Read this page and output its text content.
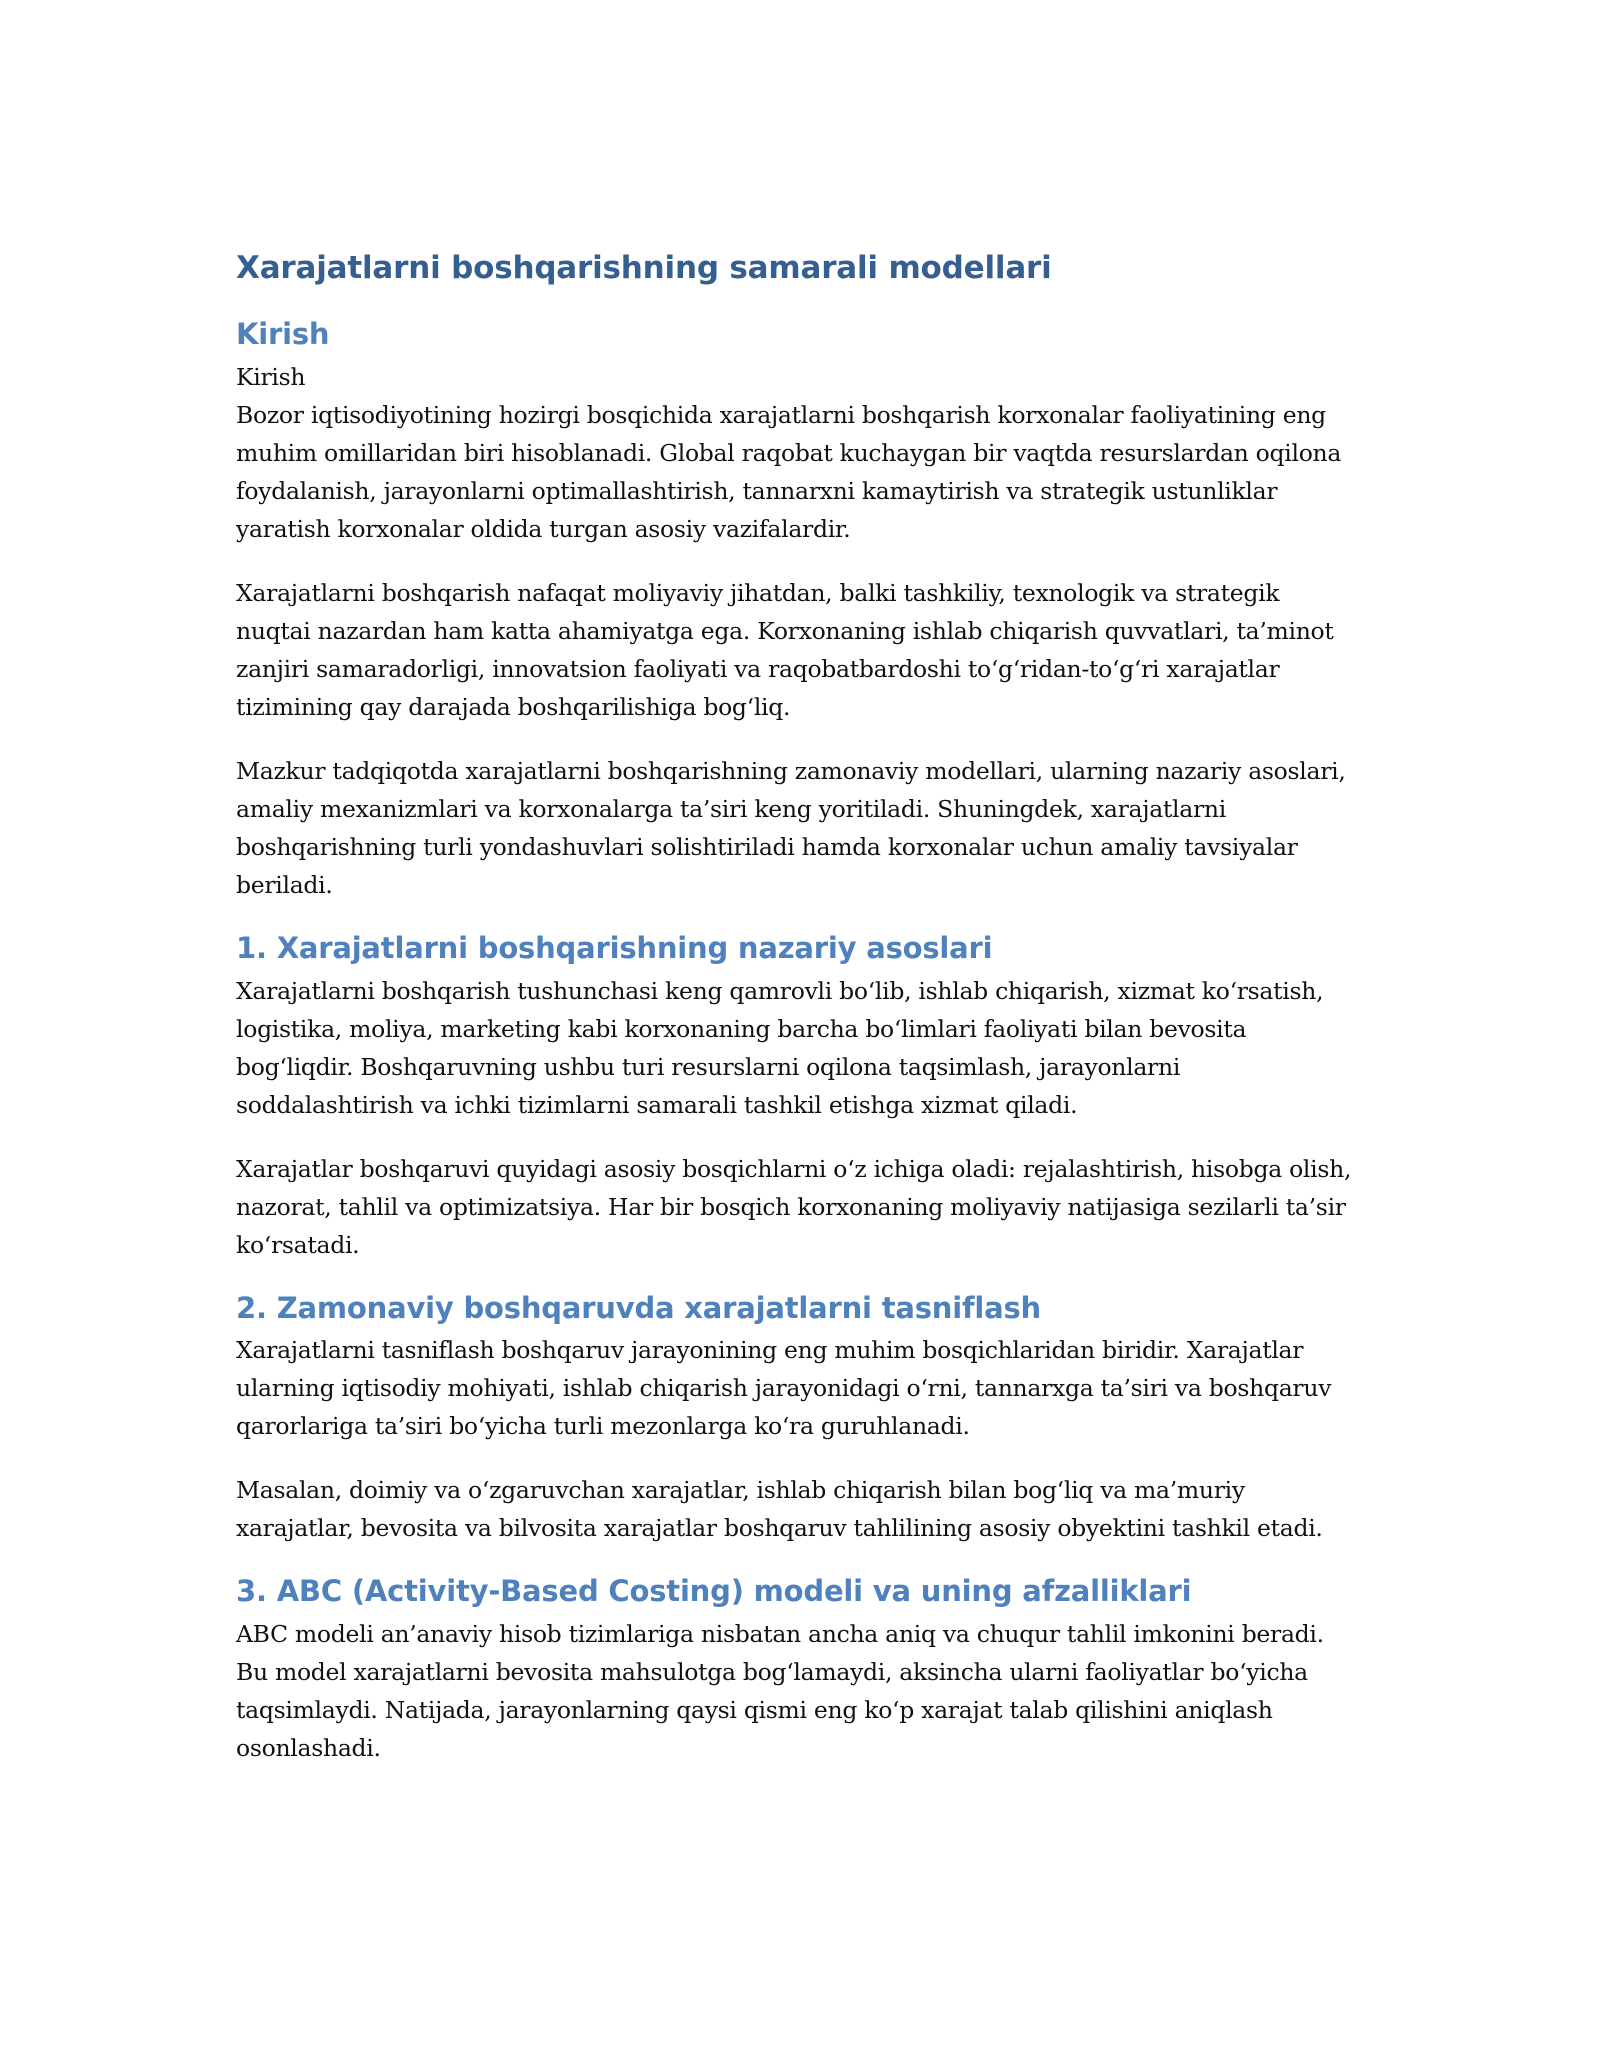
Xarajatlarni boshqarishning samarali modellari
Kirish

Kirish

Bozor iqtisodiyotining hozirgi bosqichida xarajatlarni boshqarish korxonalar faoliyatining eng
muhim omillaridan biri hisoblanadi. Global raqobat kuchaygan bir vaqtda resurslardan oqilona
foydalanish, jarayonlarni optimallashtirish, tannarxni kamaytirish va strategik ustunliklar
yaratish korxonalar oldida turgan asosiy vazifalardir.

Xarajatlarni boshqarish nafaqat moliyaviy jihatdan, balki tashkiliy, texnologik va strategik
nuqtai nazardan ham katta ahamiyatga ega. Korxonaning ishlab chiqarish quvvatlari, ta’minot
zanjiri samaradorligi, innovatsion faoliyati va raqobatbardoshi to‘g‘ridan-to‘g‘ri xarajatlar
tizimining qay darajada boshqarilishiga bog‘liq.

Mazkur tadqiqotda xarajatlarni boshqarishning zamonaviy modellari, ularning nazariy asoslari,
amaliy mexanizmlari va korxonalarga ta’siri keng yoritiladi. Shuningdek, xarajatlarni
boshqarishning turli yondashuvlari solishtiriladi hamda korxonalar uchun amaliy tavsiyalar
beriladi.

1. Xarajatlarni boshqarishning nazariy asoslari

Xarajatlarni boshqarish tushunchasi keng qamrovli bo‘lib, ishlab chiqarish, xizmat ko‘rsatish,
logistika, moliya, marketing kabi korxonaning barcha bo‘limlari faoliyati bilan bevosita
bog‘liqdir. Boshqaruvning ushbu turi resurslarni oqilona taqsimlash, jarayonlarni
soddalashtirish va ichki tizimlarni samarali tashkil etishga xizmat qiladi.

Xarajatlar boshqaruvi quyidagi asosiy bosqichlarni o‘z ichiga oladi: rejalashtirish, hisobga olish,
nazorat, tahlil va optimizatsiya. Har bir bosqich korxonaning moliyaviy natijasiga sezilarli ta’sir
ko‘rsatadi.

2. Zamonaviy boshqaruvda xarajatlarni tasniflash

Xarajatlarni tasniflash boshqaruv jarayonining eng muhim bosqichlaridan biridir. Xarajatlar
ularning iqtisodiy mohiyati, ishlab chiqarish jarayonidagi o‘rni, tannarxga ta’siri va boshqaruv
qarorlariga ta’siri bo‘yicha turli mezonlarga ko‘ra guruhlanadi.

Masalan, doimiy va o‘zgaruvchan xarajatlar, ishlab chiqarish bilan bog‘liq va ma’muriy
xarajatlar, bevosita va bilvosita xarajatlar boshqaruv tahlilining asosiy obyektini tashkil etadi.

3. ABC (Activity-Based Costing) modeli va uning afzalliklari

ABC modeli an’anaviy hisob tizimlariga nisbatan ancha aniq va chuqur tahlil imkonini beradi.
Bu model xarajatlarni bevosita mahsulotga bog‘lamaydi, aksincha ularni faoliyatlar bo‘yicha
taqsimlaydi. Natijada, jarayonlarning qaysi qismi eng ko‘p xarajat talab qilishini aniqlash
osonlashadi.
